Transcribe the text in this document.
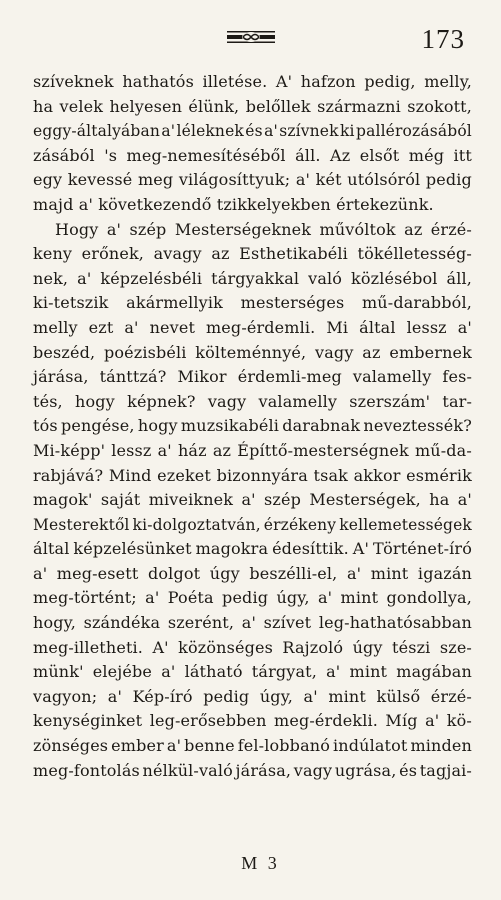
173
szíveknek hathatós illetése. A' hafzon pedig, melly,
ha velek helyesen élünk, belőllek származni szokott,
eggy-általyában a' léleknek és a' szívnek ki pallérozásából
zásából 's meg-nemesítéséből áll. Az elsőt még itt
egy kevessé meg világosíttyuk; a' két utólsóról pedig
majd a' következendő tzikkelyekben értekezünk.
Hogy a' szép Mesterségeknek művóltok az érzé-
keny erőnek, avagy az Esthetikabéli tökélletesség-
nek, a' képzelésbéli tárgyakkal való közlésébol áll,
ki-tetszik akármellyik mesterséges mű-darabból,
melly ezt a' nevet meg-érdemli. Mi által lessz a'
beszéd, poézisbéli költeménnyé, vagy az embernek
járása, tánttzá? Mikor érdemli-meg valamelly fes-
tés, hogy képnek? vagy valamelly szerszám' tar-
tós pengése, hogy muzsikabéli darabnak neveztessék?
Mi-képp' lessz a' ház az Építtő-mesterségnek mű-da-
rabjává? Mind ezeket bizonnyára tsak akkor esmérik
magok' saját miveiknek a' szép Mesterségek, ha a'
Mesterektől ki-dolgoztatván, érzékeny kellemetességek
által képzelésünket magokra édesíttik. A' Történet-író
a' meg-esett dolgot úgy beszélli-el, a' mint igazán
meg-történt; a' Poéta pedig úgy, a' mint gondollya,
hogy, szándéka szerént, a' szívet leg-hathatósabban
meg-illetheti. A' közönséges Rajzoló úgy tészi sze-
münk' elejébe a' látható tárgyat, a' mint magában
vagyon; a' Kép-író pedig úgy, a' mint külső érzé-
kenységinket leg-erősebben meg-érdekli. Míg a' kö-
zönséges ember a' benne fel-lobbanó indúlatot minden
meg-fontolás nélkül-való járása, vagy ugrása, és tagjai-
M 3
